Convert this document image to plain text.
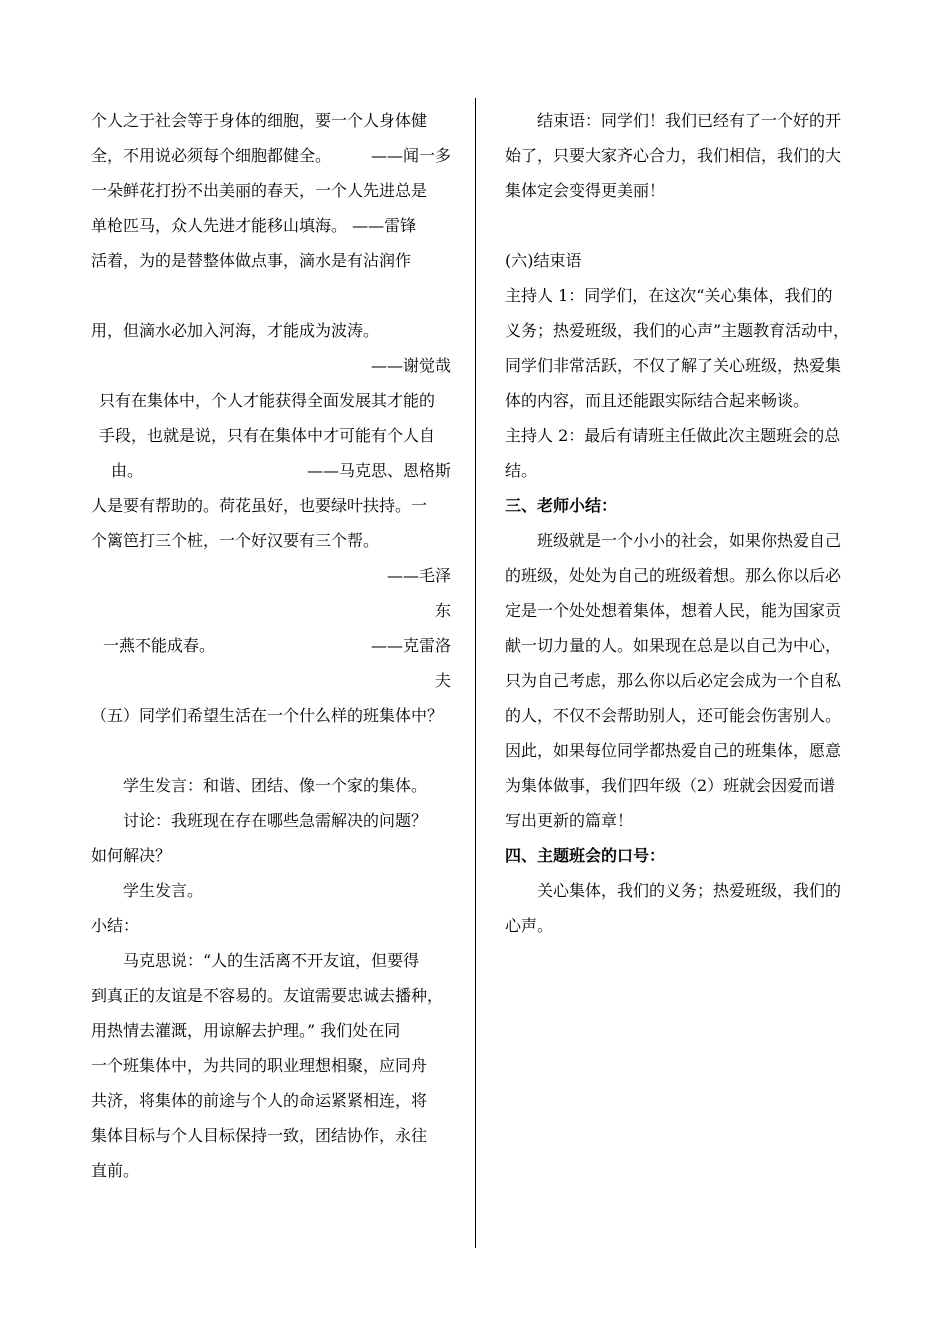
个人之于社会等于身体的细胞，要一个人身体健
全，不用说必须每个细胞都健全。 ——闻一多
一朵鲜花打扮不出美丽的春天，一个人先进总是
单枪匹马，众人先进才能移山填海。 ——雷锋
活着，为的是替整体做点事，滴水是有沾润作
用，但滴水必加入河海，才能成为波涛。
——谢觉哉
只有在集体中，个人才能获得全面发展其才能的
手段，也就是说，只有在集体中才可能有个人自
由。	——马克思、恩格斯
人是要有帮助的。荷花虽好，也要绿叶扶持。一
个篱笆打三个桩，一个好汉要有三个帮。
——毛泽
东
一燕不能成春。	——克雷洛
夫
（五）同学们希望生活在一个什么样的班集体中？
学生发言：和谐、团结、像一个家的集体。
讨论：我班现在存在哪些急需解决的问题？
如何解决？
学生发言。
小结：
马克思说：“人的生活离不开友谊，但要得
到真正的友谊是不容易的。友谊需要忠诚去播种，
用热情去灌溉，用谅解去护理。” 我们处在同
一个班集体中，为共同的职业理想相聚，应同舟
共济，将集体的前途与个人的命运紧紧相连，将
集体目标与个人目标保持一致，团结协作，永往
直前。
结束语：同学们！我们已经有了一个好的开
始了，只要大家齐心合力，我们相信，我们的大
集体定会变得更美丽！
(六)结束语
主持人 1：同学们，在这次“关心集体，我们的
义务；热爱班级，我们的心声”主题教育活动中，
同学们非常活跃，不仅了解了关心班级，热爱集
体的内容，而且还能跟实际结合起来畅谈。
主持人 2：最后有请班主任做此次主题班会的总
结。
三、老师小结：
班级就是一个小小的社会，如果你热爱自己
的班级，处处为自己的班级着想。那么你以后必
定是一个处处想着集体，想着人民，能为国家贡
献一切力量的人。如果现在总是以自己为中心，
只为自己考虑，那么你以后必定会成为一个自私
的人，不仅不会帮助别人，还可能会伤害别人。
因此，如果每位同学都热爱自己的班集体，愿意
为集体做事，我们四年级（2）班就会因爱而谱
写出更新的篇章！
四、主题班会的口号：
关心集体，我们的义务；热爱班级，我们的
心声。
